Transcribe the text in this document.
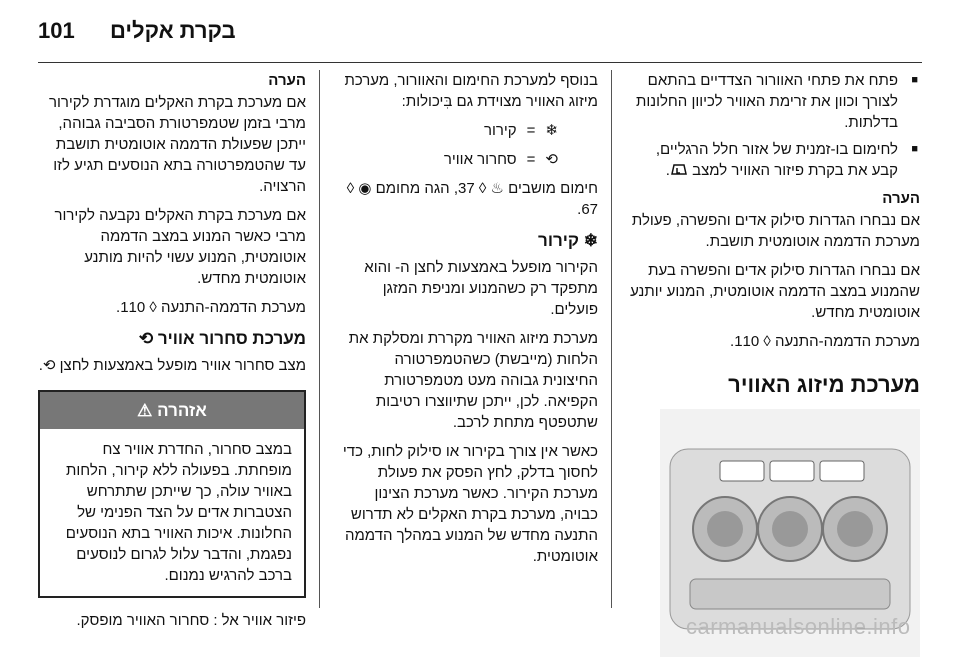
101 בקרת אקלים

■
פתח את פתחי האוורור הצדדיים בהתאם לצורך וכוון את זרימת האוויר לכיוון החלונות בדלתות.

■
לחימום בו-זמנית של אזור חלל הרגליים, קבע את בקרת פיזור האוויר למצב .

הערה

אם נבחרו הגדרות סילוק אדים והפשרה, פעולת מערכת הדממה אוטומטית תושבת.

אם נבחרו הגדרות סילוק אדים והפשרה בעת שהמנוע במצב הדממה אוטומטית, המנוע יותנע אוטומטית מחדש.

מערכת הדממה-התנעה ◊ 110.

מערכת מיזוג האוויר

בנוסף למערכת החימום והאוורור, מערכת מיזוג האוויר מצוידת גם בִּיכולות:

❄
=
קירור

⟲
=
סחרור אוויר

חימום מושבים ♨ ◊ 37, הגה מחומם ◉ ◊ 67.

❄ קירור

הקירור מופעל באמצעות לחצן ה- והוא מתפקד רק כשהמנוע ומניפת המזגן פועלים.

מערכת מיזוג האוויר מקררת ומסלקת את הלחות (מייבשת) כשהטמפרטורה החיצונית גבוהה מעט מטמפרטורת הקפיאה. לכן, ייתכן שתיווצרו רטיבות שתטפטף מתחת לרכב.

כאשר אין צורך בקירור או סילוק לחות, כדי לחסוך בדלק, לחץ הפסק את פעולת מערכת הקירור. כאשר מערכת הצינון כבויה, מערכת בקרת האקלים לא תדרוש התנעה מחדש של המנוע במהלך הדממה אוטומטית.

הערה

אם מערכת בקרת האקלים מוגדרת לקירור מרבי בזמן שטמפרטורת הסביבה גבוהה, ייתכן שפעולת הדממה אוטומטית תושבת עד שהטמפרטורה בתא הנוסעים תגיע לזו הרצויה.

אם מערכת בקרת האקלים נקבעה לקירור מרבי כאשר המנוע במצב הדממה אוטומטית, המנוע עשוי להיות מותנע אוטומטית מחדש.

מערכת הדממה-התנעה ◊ 110.

מערכת סחרור אוויר ⟲

מצב סחרור אוויר מופעל באמצעות לחצן ⟲.

אזהרה ⚠
במצב סחרור, החדרת אוויר צח מופחתת. בפעולה ללא קירור, הלחות באוויר עולה, כך שייתכן שתתרחש הצטברות אדים על הצד הפנימי של החלונות. איכות האוויר בתא הנוסעים נפגמת, והדבר עלול לגרום לנוסעים ברכב להרגיש נמנום.

פיזור אוויר אל : סחרור האוויר מופסק.	carmanualsonline.info
